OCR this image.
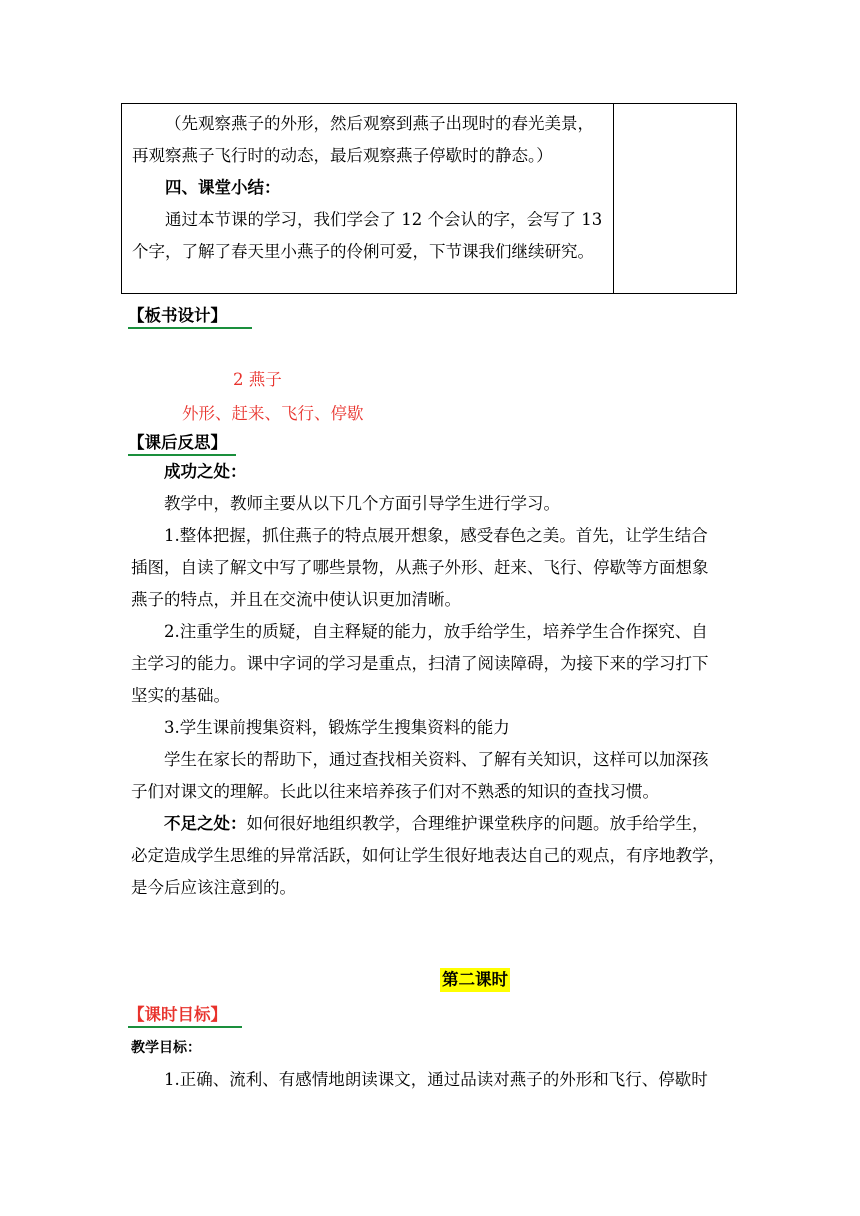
（先观察燕子的外形，然后观察到燕子出现时的春光美景，

再观察燕子飞行时的动态，最后观察燕子停歇时的静态。）

四、课堂小结：

通过本节课的学习，我们学会了 12 个会认的字，会写了 13

个字，了解了春天里小燕子的伶俐可爱，下节课我们继续研究。

【板书设计】
2 燕子
外形、赶来、飞行、停歇
【课后反思】

成功之处：

教学中，教师主要从以下几个方面引导学生进行学习。

1.整体把握，抓住燕子的特点展开想象，感受春色之美。首先，让学生结合

插图，自读了解文中写了哪些景物，从燕子外形、赶来、飞行、停歇等方面想象

燕子的特点，并且在交流中使认识更加清晰。

2.注重学生的质疑，自主释疑的能力，放手给学生，培养学生合作探究、自

主学习的能力。课中字词的学习是重点，扫清了阅读障碍，为接下来的学习打下

坚实的基础。

3.学生课前搜集资料，锻炼学生搜集资料的能力

学生在家长的帮助下，通过查找相关资料、了解有关知识，这样可以加深孩

子们对课文的理解。长此以往来培养孩子们对不熟悉的知识的查找习惯。

不足之处：如何很好地组织教学，合理维护课堂秩序的问题。放手给学生，

必定造成学生思维的异常活跃，如何让学生很好地表达自己的观点，有序地教学，

是今后应该注意到的。

第二课时
【课时目标】
教学目标：

1.正确、流利、有感情地朗读课文，通过品读对燕子的外形和飞行、停歇时
